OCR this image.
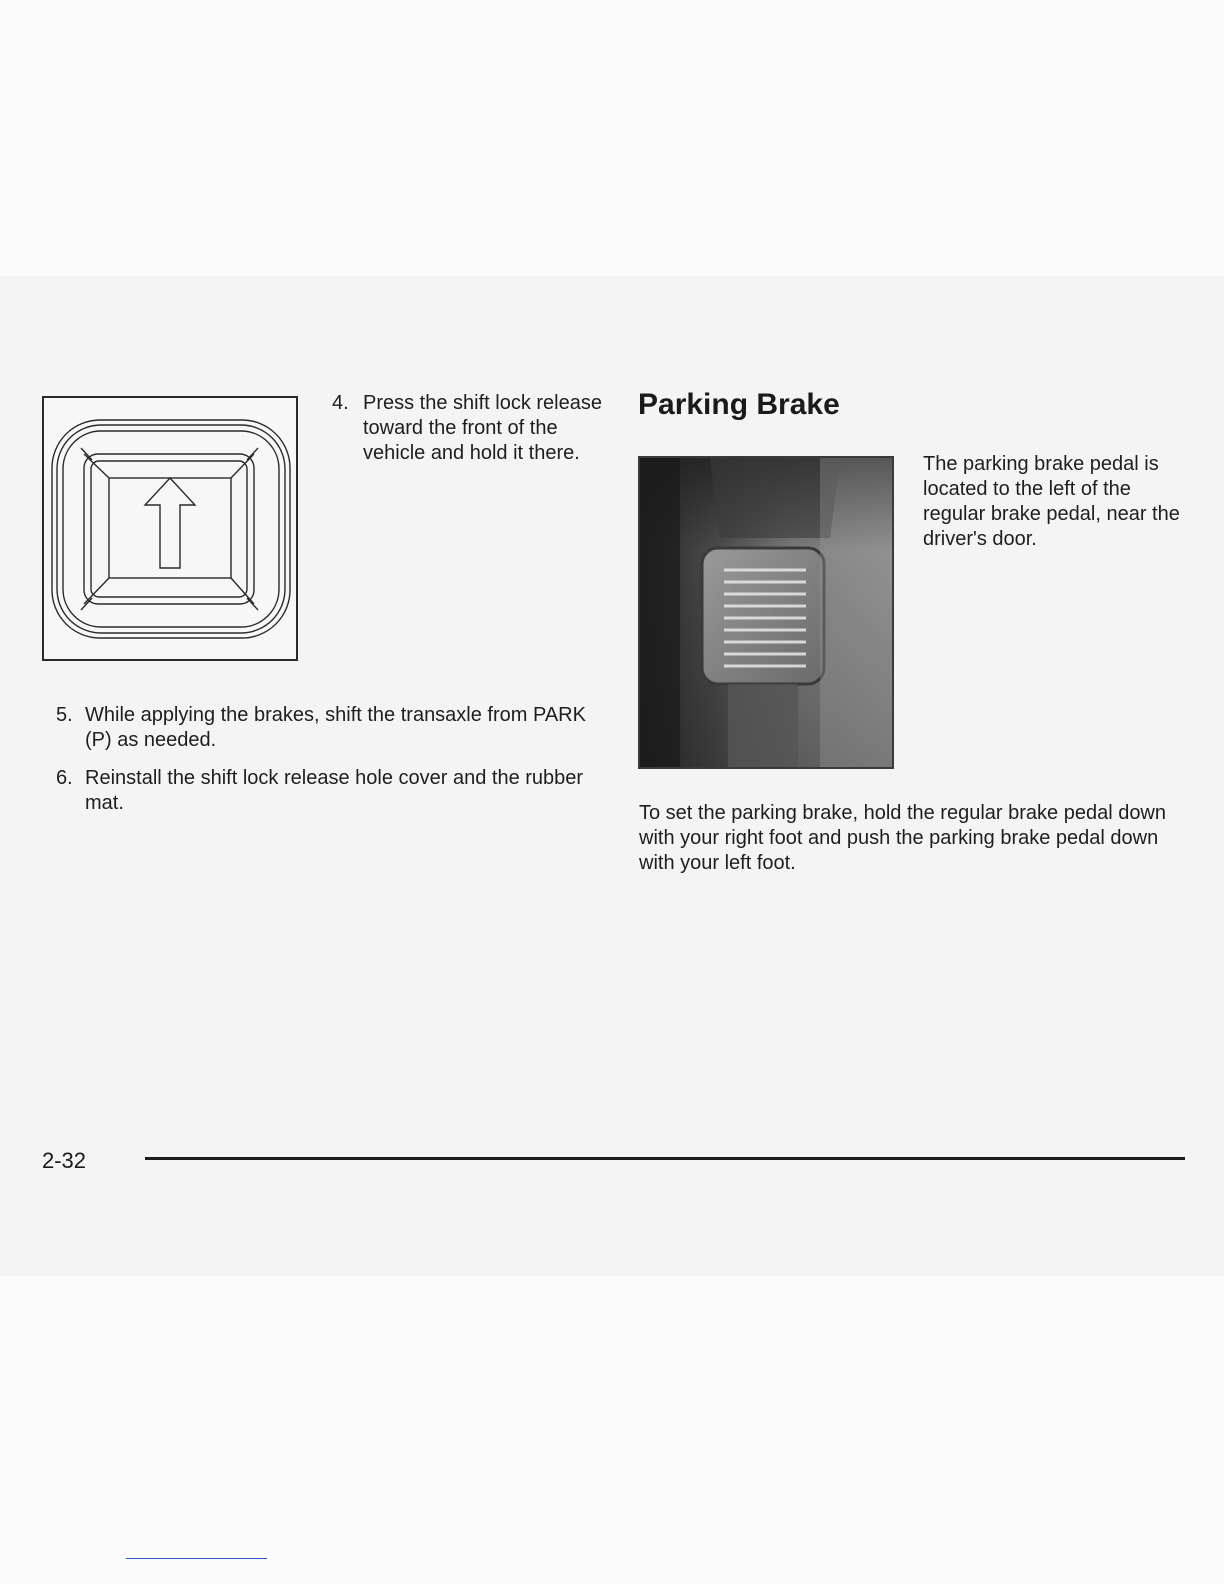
4. Press the shift lock release toward the front of the vehicle and hold it there.

5. While applying the brakes, shift the transaxle from PARK (P) as needed.

6. Reinstall the shift lock release hole cover and the rubber mat.

Parking Brake

The parking brake pedal is located to the left of the regular brake pedal, near the driver's door.

To set the parking brake, hold the regular brake pedal down with your right foot and push the parking brake pedal down with your left foot.

2-32
